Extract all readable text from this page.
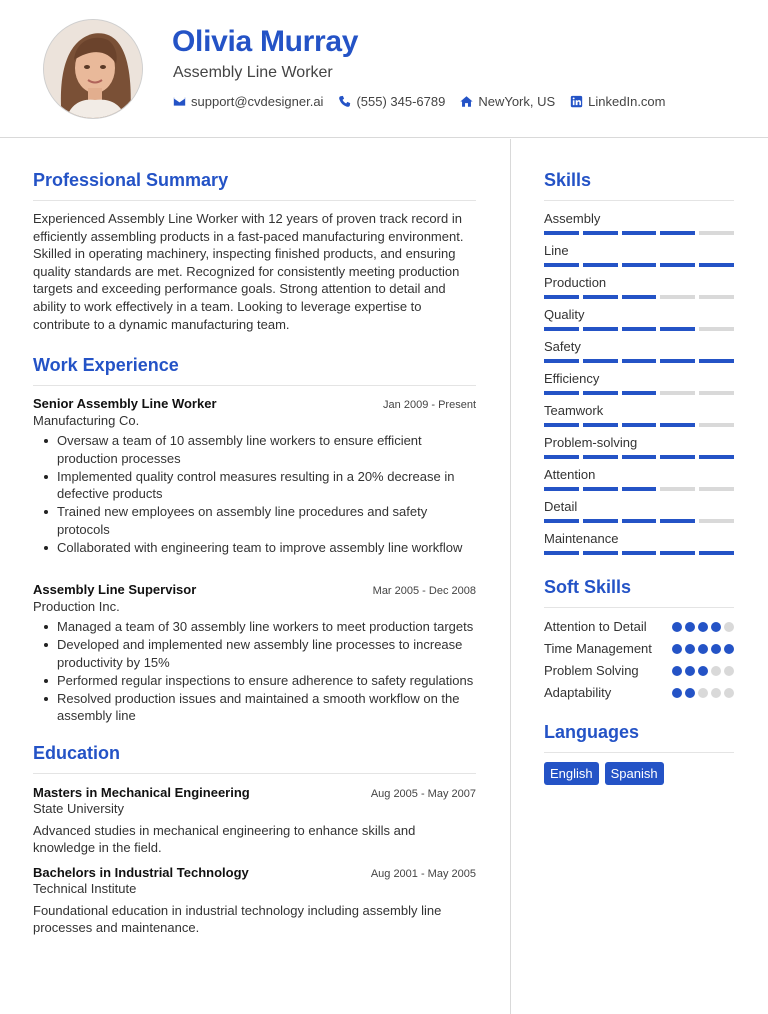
Olivia Murray
Assembly Line Worker
support@cvdesigner.ai	(555) 345-6789	NewYork, US	LinkedIn.com
Professional Summary

Experienced Assembly Line Worker with 12 years of proven track record in efficiently assembling products in a fast-paced manufacturing environment. Skilled in operating machinery, inspecting finished products, and ensuring quality standards are met. Recognized for consistently meeting production targets and exceeding performance goals. Strong attention to detail and ability to work effectively in a team. Looking to leverage expertise to contribute to a dynamic manufacturing team.

Work Experience
Senior Assembly Line Worker	Jan 2009 - Present
Manufacturing Co.
Oversaw a team of 10 assembly line workers to ensure efficient production processes
Implemented quality control measures resulting in a 20% decrease in defective products
Trained new employees on assembly line procedures and safety protocols
Collaborated with engineering team to improve assembly line workflow
Assembly Line Supervisor	Mar 2005 - Dec 2008
Production Inc.
Managed a team of 30 assembly line workers to meet production targets
Developed and implemented new assembly line processes to increase productivity by 15%
Performed regular inspections to ensure adherence to safety regulations
Resolved production issues and maintained a smooth workflow on the assembly line
Education
Masters in Mechanical Engineering	Aug 2005 - May 2007
State University

Advanced studies in mechanical engineering to enhance skills and knowledge in the field.

Bachelors in Industrial Technology	Aug 2001 - May 2005
Technical Institute

Foundational education in industrial technology including assembly line processes and maintenance.

Skills
Assembly
Line
Production
Quality
Safety
Efficiency
Teamwork
Problem-solving
Attention
Detail
Maintenance
Soft Skills
Attention to Detail
Time Management
Problem Solving
Adaptability
Languages
English	Spanish
